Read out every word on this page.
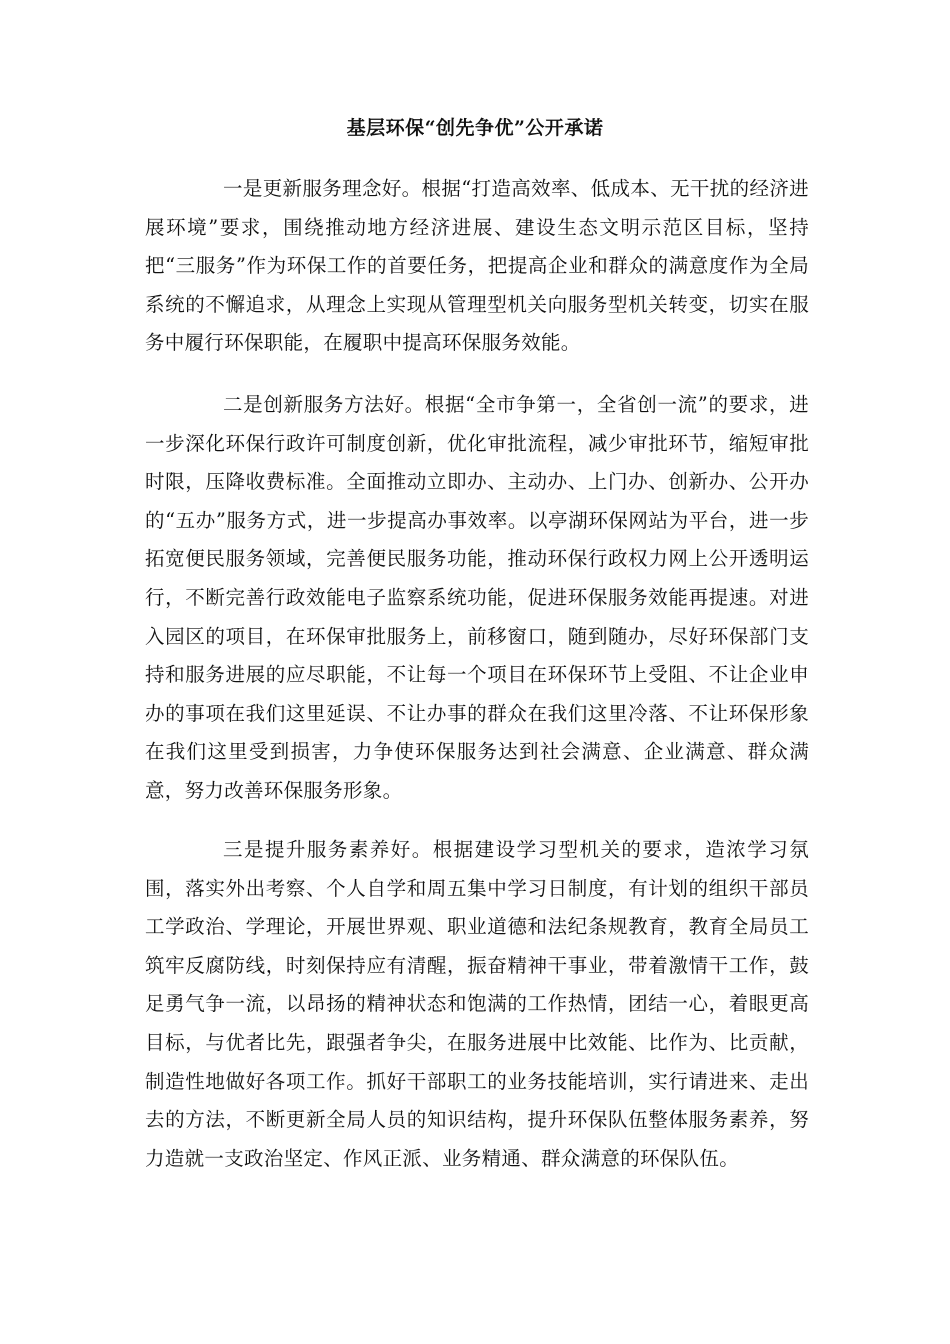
基层环保“创先争优”公开承诺

一是更新服务理念好。根据“打造高效率、低成本、无干扰的经济进展环境”要求，围绕推动地方经济进展、建设生态文明示范区目标，坚持把“三服务”作为环保工作的首要任务，把提高企业和群众的满意度作为全局系统的不懈追求，从理念上实现从管理型机关向服务型机关转变，切实在服务中履行环保职能，在履职中提高环保服务效能。

二是创新服务方法好。根据“全市争第一，全省创一流”的要求，进一步深化环保行政许可制度创新，优化审批流程，减少审批环节，缩短审批时限，压降收费标准。全面推动立即办、主动办、上门办、创新办、公开办的“五办”服务方式，进一步提高办事效率。以亭湖环保网站为平台，进一步拓宽便民服务领域，完善便民服务功能，推动环保行政权力网上公开透明运行，不断完善行政效能电子监察系统功能，促进环保服务效能再提速。对进入园区的项目，在环保审批服务上，前移窗口，随到随办，尽好环保部门支持和服务进展的应尽职能，不让每一个项目在环保环节上受阻、不让企业申办的事项在我们这里延误、不让办事的群众在我们这里冷落、不让环保形象在我们这里受到损害，力争使环保服务达到社会满意、企业满意、群众满意，努力改善环保服务形象。

三是提升服务素养好。根据建设学习型机关的要求，造浓学习氛围，落实外出考察、个人自学和周五集中学习日制度，有计划的组织干部员工学政治、学理论，开展世界观、职业道德和法纪条规教育，教育全局员工筑牢反腐防线，时刻保持应有清醒，振奋精神干事业，带着激情干工作，鼓足勇气争一流，以昂扬的精神状态和饱满的工作热情，团结一心，着眼更高目标，与优者比先，跟强者争尖，在服务进展中比效能、比作为、比贡献，制造性地做好各项工作。抓好干部职工的业务技能培训，实行请进来、走出去的方法，不断更新全局人员的知识结构，提升环保队伍整体服务素养，努力造就一支政治坚定、作风正派、业务精通、群众满意的环保队伍。
